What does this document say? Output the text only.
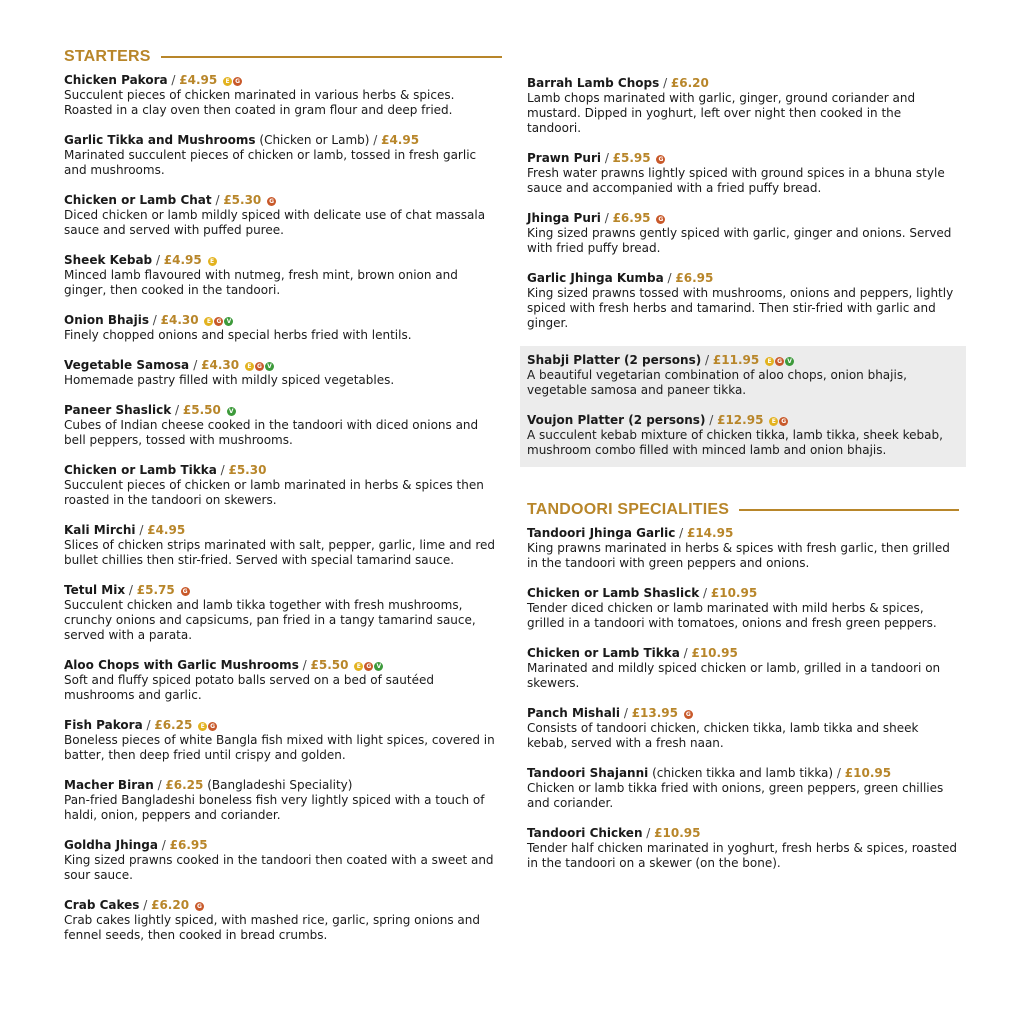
STARTERS
Chicken Pakora / £4.95	E G
Succulent pieces of chicken marinated in various herbs & spices. Roasted in a clay oven then coated in gram flour and deep fried.
Garlic Tikka and Mushrooms (Chicken or Lamb) / £4.95
Marinated succulent pieces of chicken or lamb, tossed in fresh garlic and mushrooms.
Chicken or Lamb Chat / £5.30	G
Diced chicken or lamb mildly spiced with delicate use of chat massala sauce and served with puffed puree.
Sheek Kebab / £4.95	E
Minced lamb flavoured with nutmeg, fresh mint, brown onion and ginger, then cooked in the tandoori.
Onion Bhajis / £4.30	E G V
Finely chopped onions and special herbs fried with lentils.
Vegetable Samosa / £4.30	E G V
Homemade pastry filled with mildly spiced vegetables.
Paneer Shaslick / £5.50	V
Cubes of Indian cheese cooked in the tandoori with diced onions and bell peppers, tossed with mushrooms.
Chicken or Lamb Tikka / £5.30
Succulent pieces of chicken or lamb marinated in herbs & spices then roasted in the tandoori on skewers.
Kali Mirchi / £4.95
Slices of chicken strips marinated with salt, pepper, garlic, lime and red bullet chillies then stir-fried. Served with special tamarind sauce.
Tetul Mix / £5.75	G
Succulent chicken and lamb tikka together with fresh mushrooms, crunchy onions and capsicums, pan fried in a tangy tamarind sauce, served with a parata.
Aloo Chops with Garlic Mushrooms / £5.50	E G V
Soft and fluffy spiced potato balls served on a bed of sautéed mushrooms and garlic.
Fish Pakora / £6.25	E G
Boneless pieces of white Bangla fish mixed with light spices, covered in batter, then deep fried until crispy and golden.
Macher Biran / £6.25 (Bangladeshi Speciality)
Pan-fried Bangladeshi boneless fish very lightly spiced with a touch of haldi, onion, peppers and coriander.
Goldha Jhinga / £6.95
King sized prawns cooked in the tandoori then coated with a sweet and sour sauce.
Crab Cakes / £6.20	G
Crab cakes lightly spiced, with mashed rice, garlic, spring onions and fennel seeds, then cooked in bread crumbs.
Barrah Lamb Chops / £6.20
Lamb chops marinated with garlic, ginger, ground coriander and mustard. Dipped in yoghurt, left over night then cooked in the tandoori.
Prawn Puri / £5.95	G
Fresh water prawns lightly spiced with ground spices in a bhuna style sauce and accompanied with a fried puffy bread.
Jhinga Puri / £6.95	G
King sized prawns gently spiced with garlic, ginger and onions. Served with fried puffy bread.
Garlic Jhinga Kumba / £6.95
King sized prawns tossed with mushrooms, onions and peppers, lightly spiced with fresh herbs and tamarind. Then stir-fried with garlic and ginger.
Shabji Platter (2 persons) / £11.95	E G V
A beautiful vegetarian combination of aloo chops, onion bhajis, vegetable samosa and paneer tikka.
Voujon Platter (2 persons) / £12.95	E G
A succulent kebab mixture of chicken tikka, lamb tikka, sheek kebab, mushroom combo filled with minced lamb and onion bhajis.
TANDOORI SPECIALITIES
Tandoori Jhinga Garlic / £14.95
King prawns marinated in herbs & spices with fresh garlic, then grilled in the tandoori with green peppers and onions.
Chicken or Lamb Shaslick / £10.95
Tender diced chicken or lamb marinated with mild herbs & spices, grilled in a tandoori with tomatoes, onions and fresh green peppers.
Chicken or Lamb Tikka / £10.95
Marinated and mildly spiced chicken or lamb, grilled in a tandoori on skewers.
Panch Mishali / £13.95	G
Consists of tandoori chicken, chicken tikka, lamb tikka and sheek kebab, served with a fresh naan.
Tandoori Shajanni (chicken tikka and lamb tikka) / £10.95
Chicken or lamb tikka fried with onions, green peppers, green chillies and coriander.
Tandoori Chicken / £10.95
Tender half chicken marinated in yoghurt, fresh herbs & spices, roasted in the tandoori on a skewer (on the bone).
